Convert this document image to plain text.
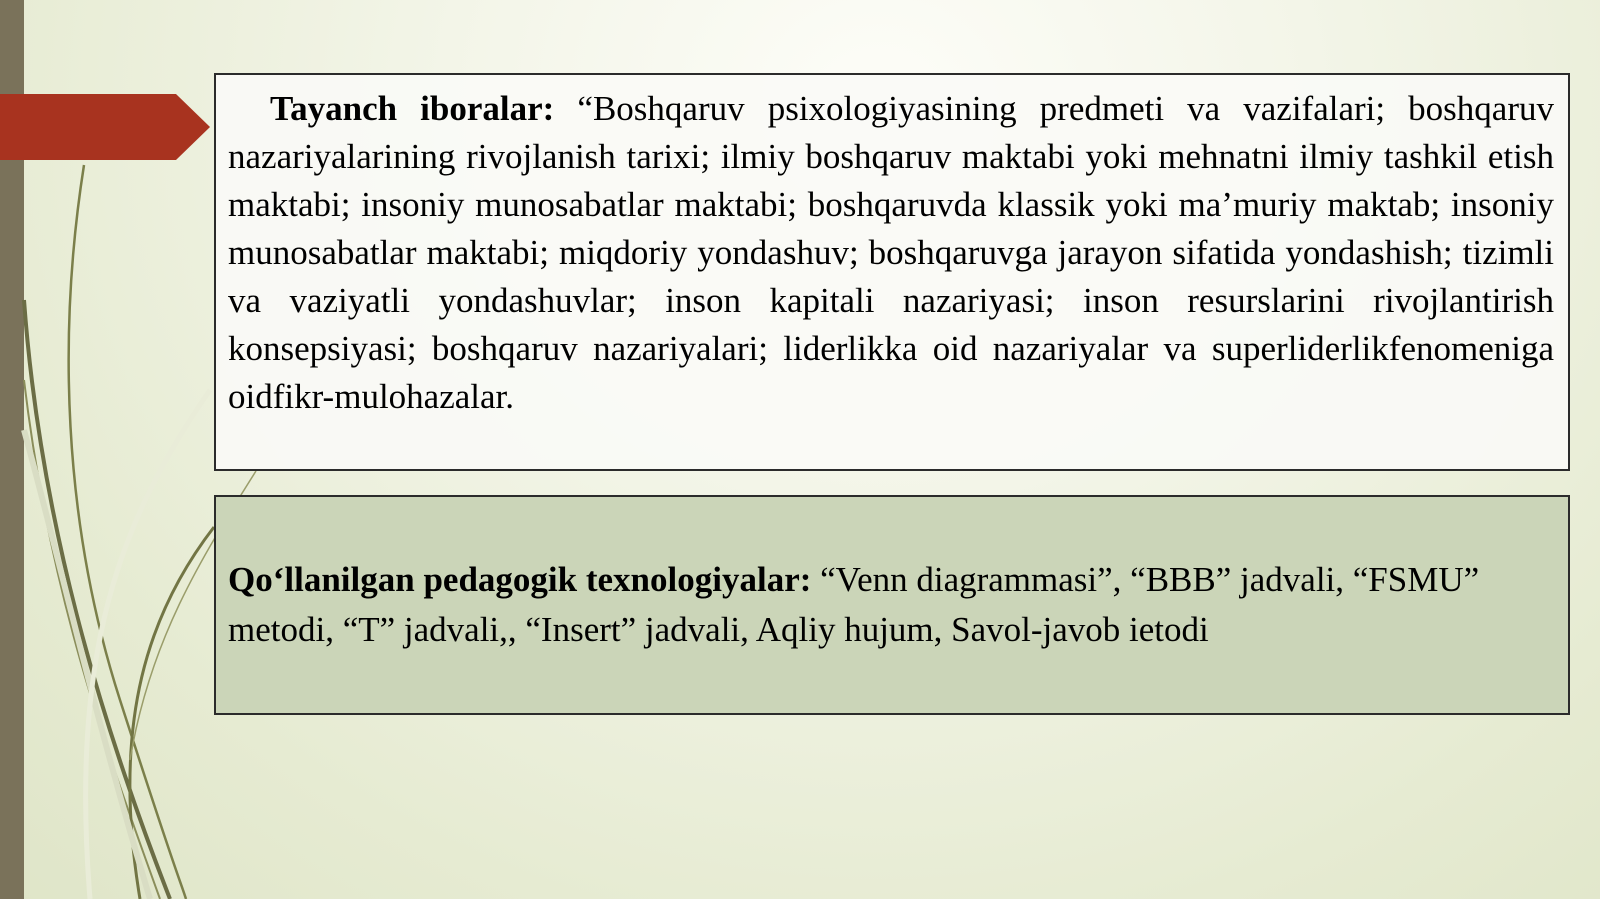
Tayanch iboralar: “Boshqaruv psixologiyasining predmeti va vazifalari; boshqaruv nazariyalarining rivojlanish tarixi; ilmiy boshqaruv maktabi yoki mehnatni ilmiy tashkil etish maktabi; insoniy munosabatlar maktabi; boshqaruvda klassik yoki ma’muriy maktab; insoniy munosabatlar maktabi; miqdoriy yondashuv; boshqaruvga jarayon sifatida yondashish; tizimli va vaziyatli yondashuvlar; inson kapitali nazariyasi; inson resurslarini rivojlantirish konsepsiyasi; boshqaruv nazariyalari; liderlikka oid nazariyalar va superliderlikfenomeniga oidfikr-mulohazalar.

Qo‘llanilgan pedagogik texnologiyalar: “Venn diagrammasi”, “BBB” jadvali, “FSMU” metodi, “T” jadvali,, “Insert” jadvali, Aqliy hujum, Savol-javob ietodi
